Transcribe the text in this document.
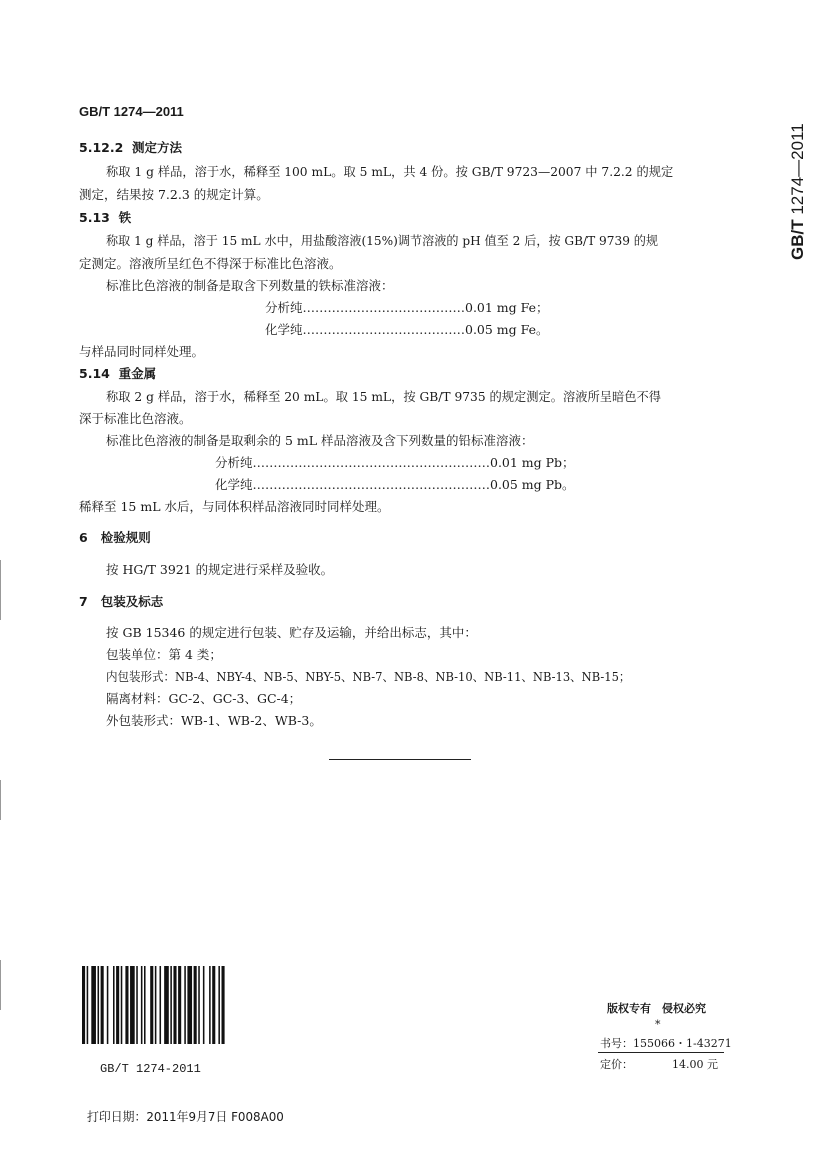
GB/T 1274—2011
GB/T 1274—2011
5.12.2 测定方法
称取 1 g 样品，溶于水，稀释至 100 mL。取 5 mL，共 4 份。按 GB/T 9723—2007 中 7.2.2 的规定
测定，结果按 7.2.3 的规定计算。
5.13 铁
称取 1 g 样品，溶于 15 mL 水中，用盐酸溶液(15%)调节溶液的 pH 值至 2 后，按 GB/T 9739 的规
定测定。溶液所呈红色不得深于标准比色溶液。
标准比色溶液的制备是取含下列数量的铁标准溶液：
分析纯…………………………………0.01 mg Fe；
化学纯…………………………………0.05 mg Fe。
与样品同时同样处理。
5.14 重金属
称取 2 g 样品，溶于水，稀释至 20 mL。取 15 mL，按 GB/T 9735 的规定测定。溶液所呈暗色不得
深于标准比色溶液。
标准比色溶液的制备是取剩余的 5 mL 样品溶液及含下列数量的铅标准溶液：
分析纯…………………………………………………0.01 mg Pb；
化学纯…………………………………………………0.05 mg Pb。
稀释至 15 mL 水后，与同体积样品溶液同时同样处理。
6 检验规则
按 HG/T 3921 的规定进行采样及验收。
7 包装及标志
按 GB 15346 的规定进行包装、贮存及运输，并给出标志，其中：
包装单位：第 4 类；
内包装形式：NB-4、NBY-4、NB-5、NBY-5、NB-7、NB-8、NB-10、NB-11、NB-13、NB-15；
隔离材料：GC-2、GC-3、GC-4；
外包装形式：WB-1、WB-2、WB-3。
GB/T 1274-2011
版权专有　侵权必究
*
书号：155066・1-43271
定价：	14.00 元
打印日期：2011年9月7日 F008A00
